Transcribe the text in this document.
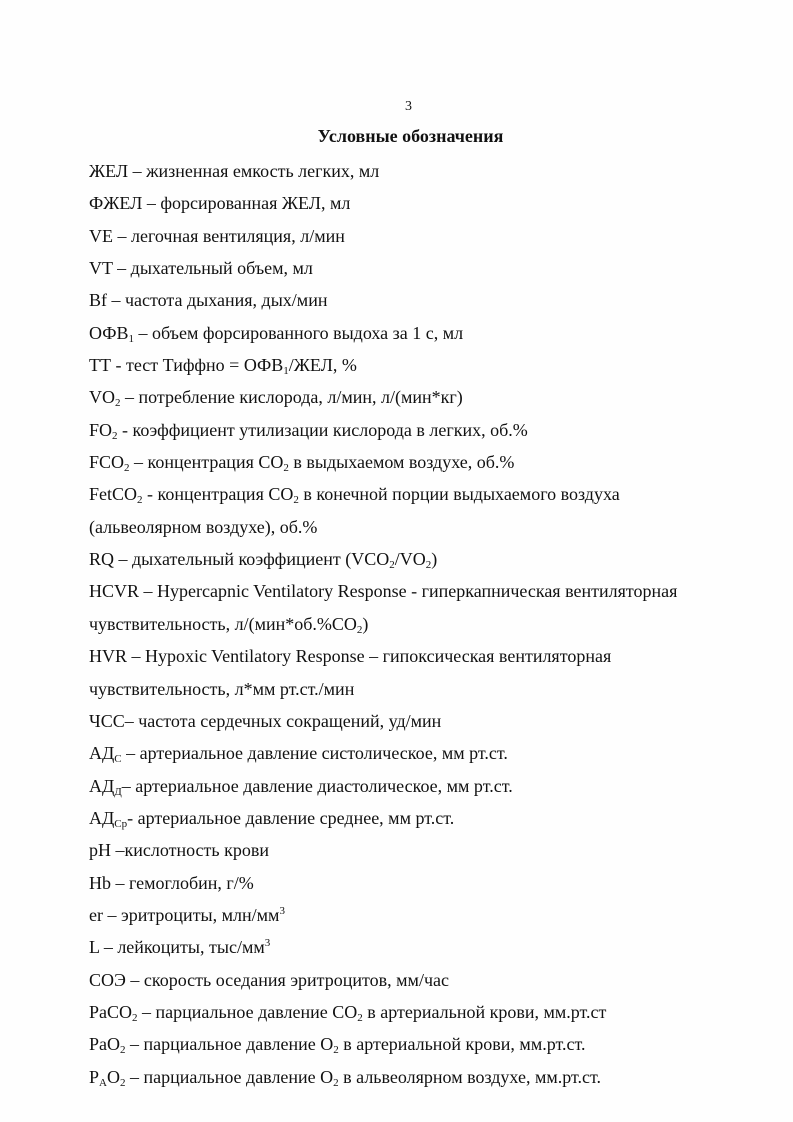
3
Условные обозначения
ЖЕЛ – жизненная емкость легких, мл
ФЖЕЛ – форсированная ЖЕЛ, мл
VE – легочная вентиляция, л/мин
VT – дыхательный объем, мл
Bf – частота дыхания, дых/мин
$ОФВ_1$ – объем форсированного выдоха за 1 с, мл
ТТ - тест Тиффно = $ОФВ_1$/ЖЕЛ, %
$VO_2$ – потребление кислорода, л/мин, л/(мин*кг)
$FO_2$ - коэффициент утилизации кислорода в легких, об.%
$FCO_2$ – концентрация $CO_2$ в выдыхаемом воздухе, об.%
FetCO$_2$ - концентрация $CO_2$ в конечной порции выдыхаемого воздуха
(альвеолярном воздухе), об.%
RQ – дыхательный коэффициент $(VCO_2/VO_2)$
HCVR – Hypercapnic Ventilatory Response - гиперкапническая вентиляторная
чувствительность, $л/(мин*об.\%CO_2)$
HVR – Hypoxic Ventilatory Response – гипоксическая вентиляторная
чувствительность, л*мм рт.ст./мин
ЧСС– частота сердечных сокращений, уд/мин
$АД_С$ – артериальное давление систолическое, мм рт.ст.
$АД_Д-$ артериальное давление диастолическое, мм рт.ст.
$АД_{Ср}-$ артериальное давление среднее, мм рт.ст.
pH –кислотность крови
Hb – гемоглобин, г/%
er – эритроциты, млн/$мм^3$
L – лейкоциты, тыс/$мм^3$
СОЭ – скорость оседания эритроцитов, мм/час
PaCO$_2$ – парциальное давление $CO_2$ в артериальной крови, мм.рт.ст
PaO$_2$ – парциальное давление $O_2$ в артериальной крови, мм.рт.ст.
$P_AO_2$ – парциальное давление $O_2$ в альвеолярном воздухе, мм.рт.ст.
